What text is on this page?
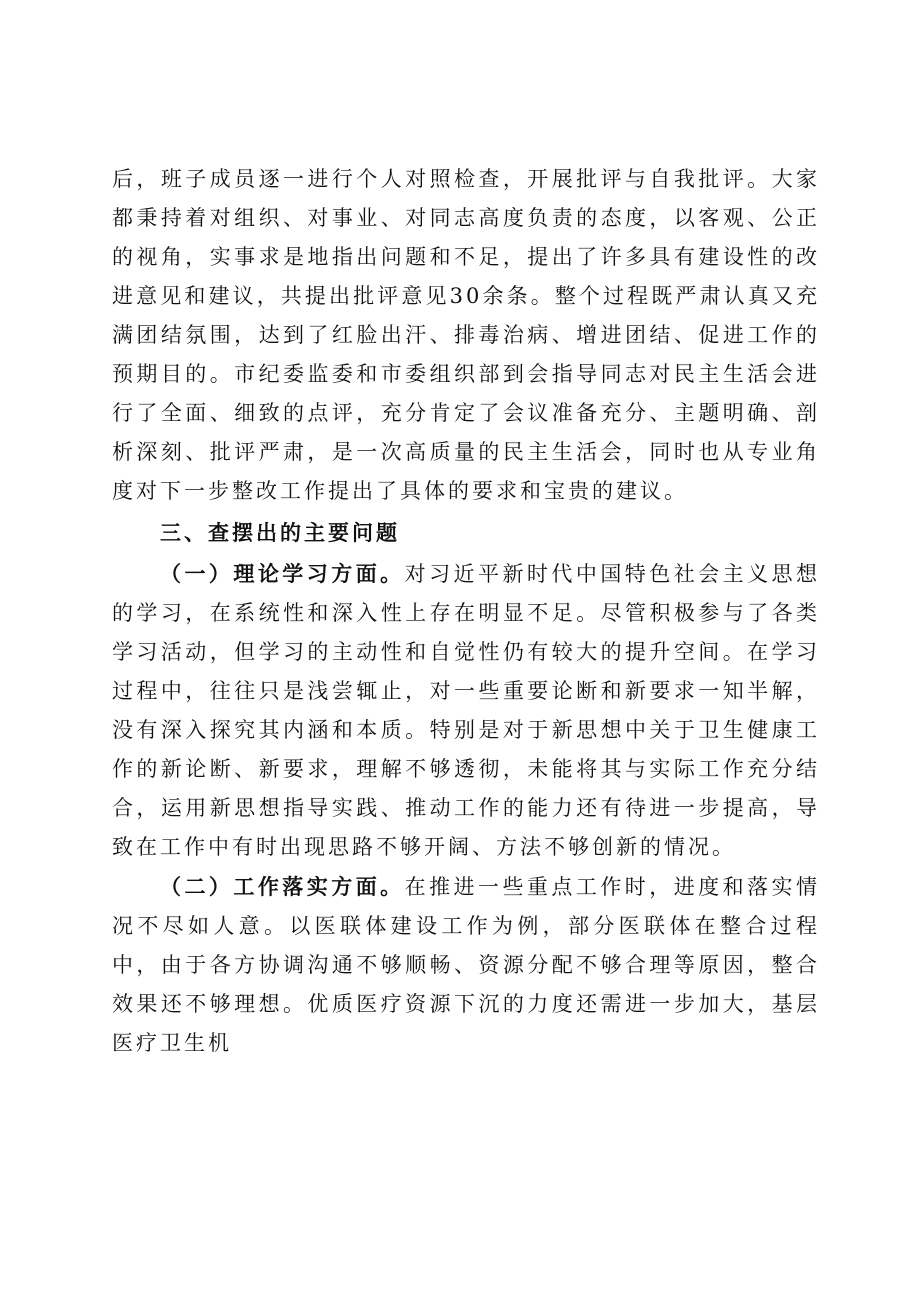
后，班子成员逐一进行个人对照检查，开展批评与自我批评。大家都秉持着对组织、对事业、对同志高度负责的态度，以客观、公正的视角，实事求是地指出问题和不足，提出了许多具有建设性的改进意见和建议，共提出批评意见30余条。整个过程既严肃认真又充满团结氛围，达到了红脸出汗、排毒治病、增进团结、促进工作的预期目的。市纪委监委和市委组织部到会指导同志对民主生活会进行了全面、细致的点评，充分肯定了会议准备充分、主题明确、剖析深刻、批评严肃，是一次高质量的民主生活会，同时也从专业角度对下一步整改工作提出了具体的要求和宝贵的建议。

三、查摆出的主要问题

（一）理论学习方面。对习近平新时代中国特色社会主义思想的学习，在系统性和深入性上存在明显不足。尽管积极参与了各类学习活动，但学习的主动性和自觉性仍有较大的提升空间。在学习过程中，往往只是浅尝辄止，对一些重要论断和新要求一知半解，没有深入探究其内涵和本质。特别是对于新思想中关于卫生健康工作的新论断、新要求，理解不够透彻，未能将其与实际工作充分结合，运用新思想指导实践、推动工作的能力还有待进一步提高，导致在工作中有时出现思路不够开阔、方法不够创新的情况。

（二）工作落实方面。在推进一些重点工作时，进度和落实情况不尽如人意。以医联体建设工作为例，部分医联体在整合过程中，由于各方协调沟通不够顺畅、资源分配不够合理等原因，整合效果还不够理想。优质医疗资源下沉的力度还需进一步加大，基层医疗卫生机
